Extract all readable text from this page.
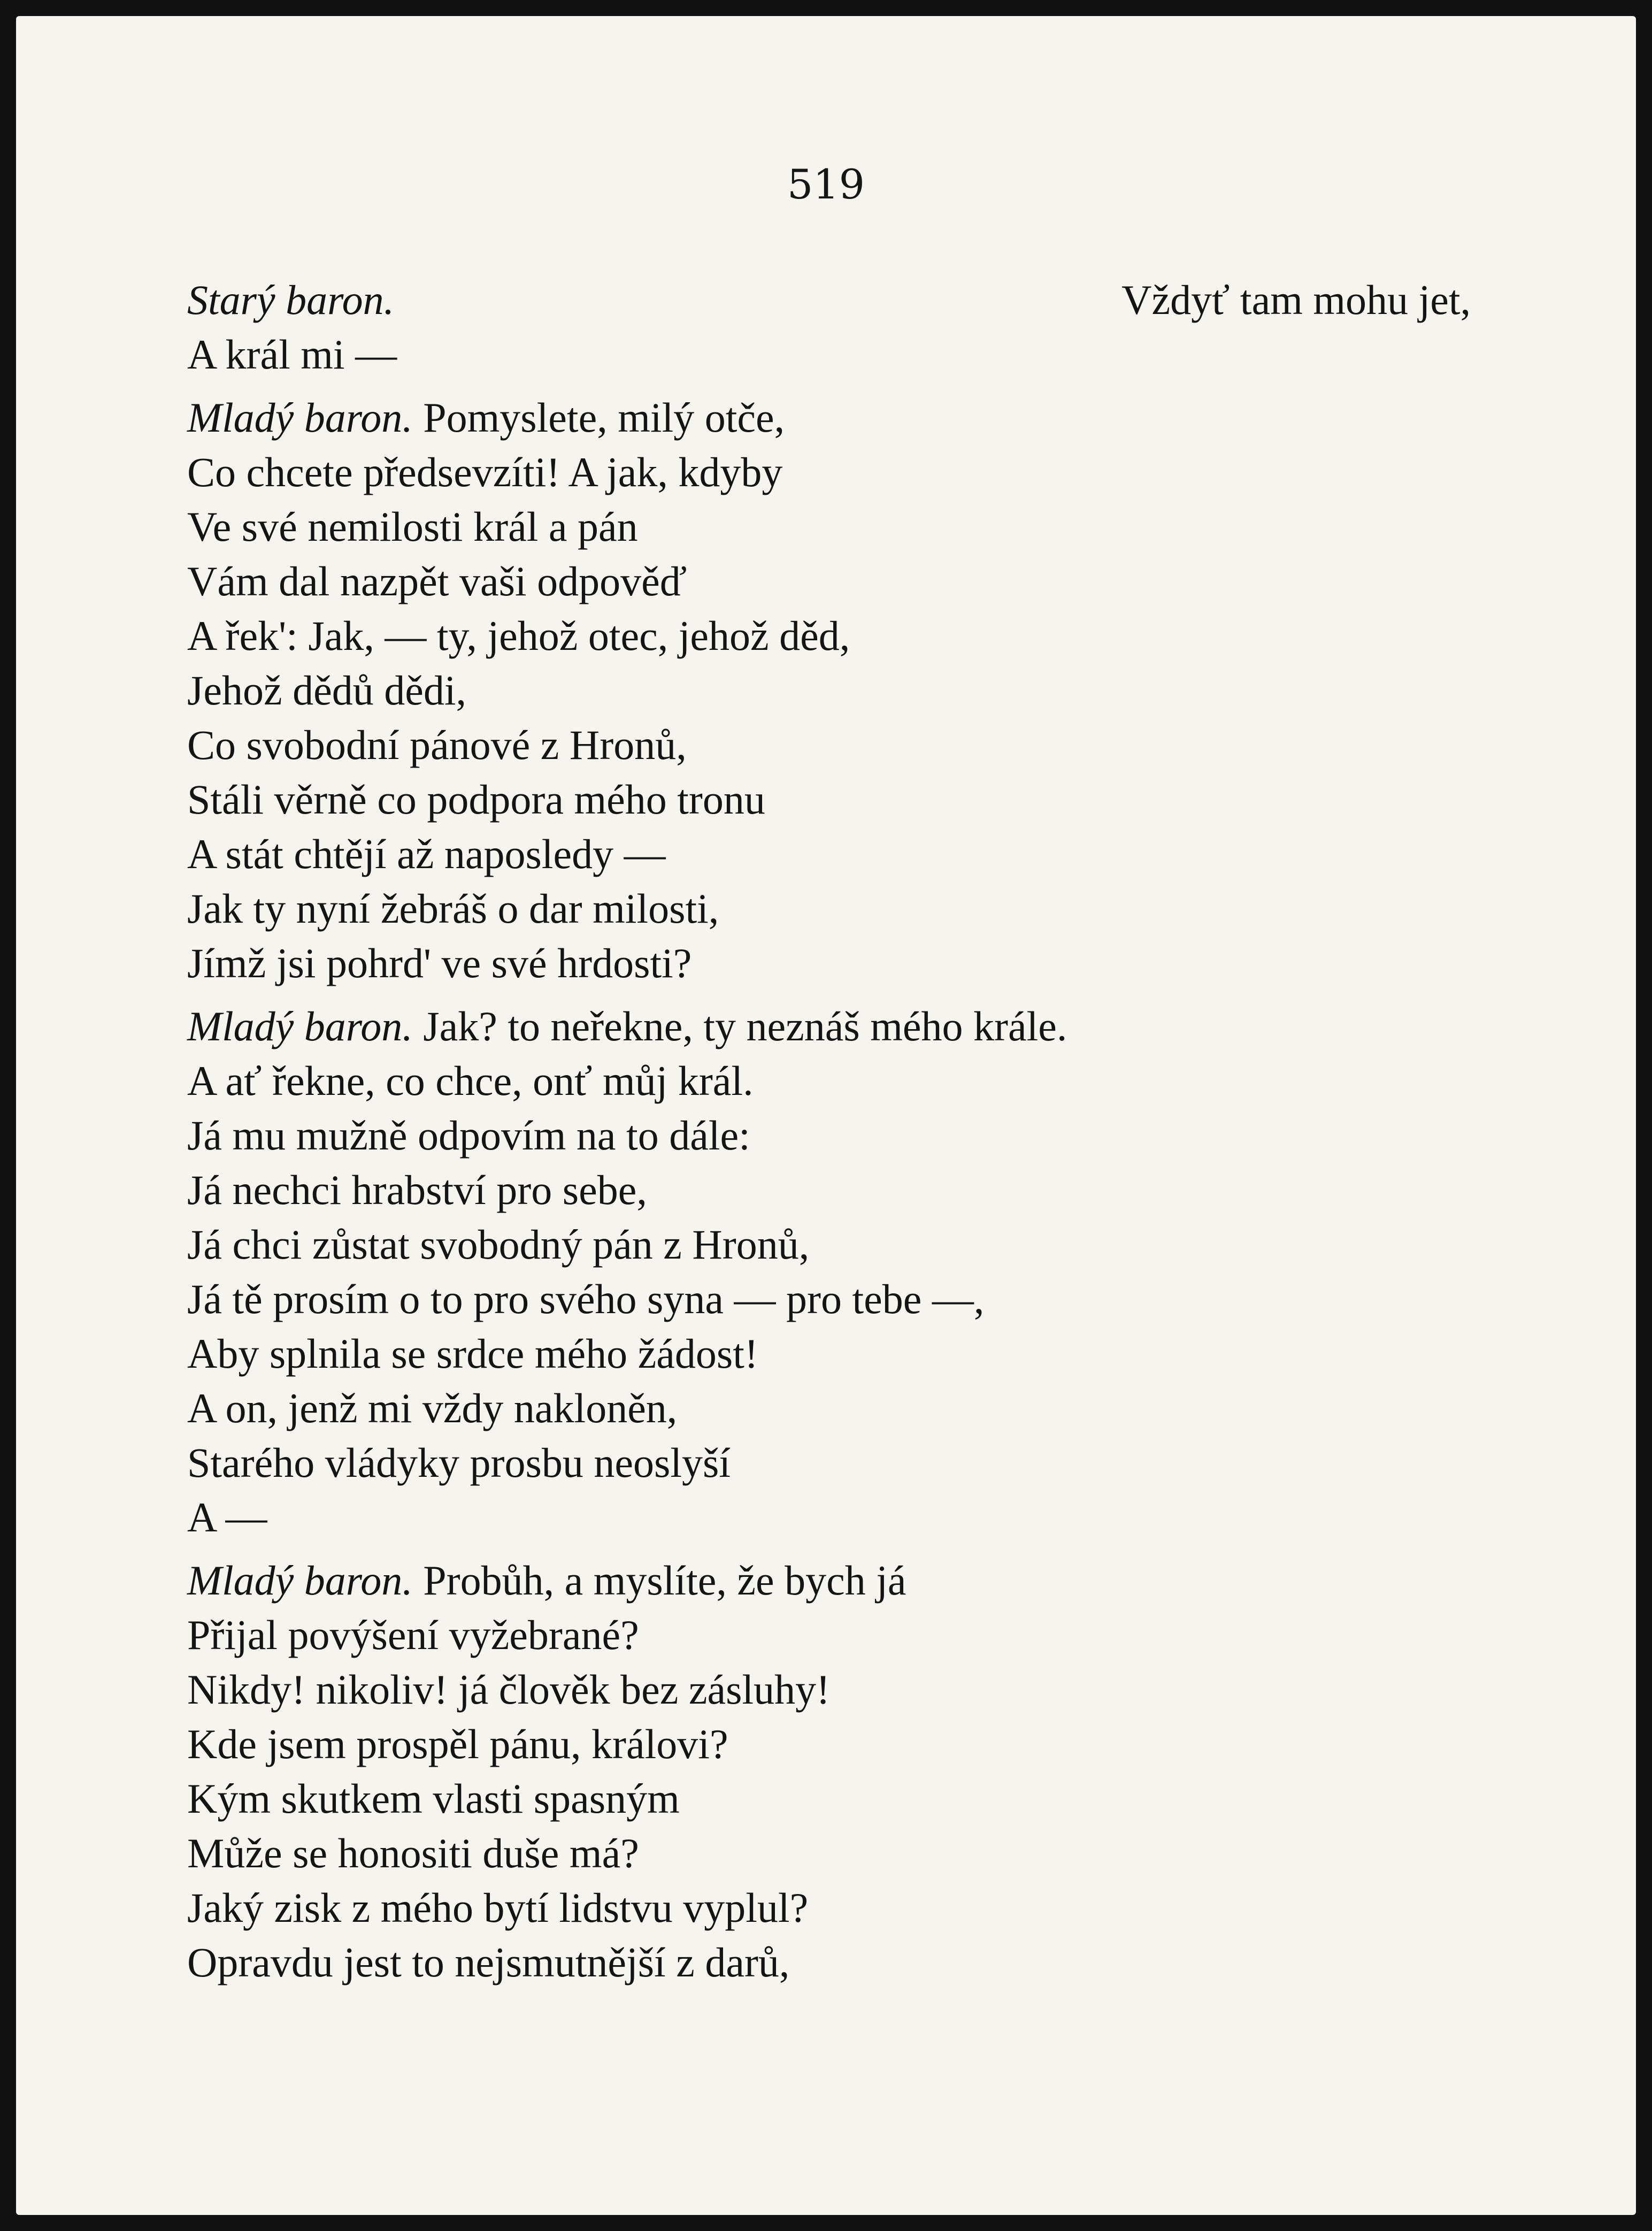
519
Starý baron.	Vždyť tam mohu jet,
A král mi —
Mladý baron. Pomyslete, milý otče,
Co chcete předsevzíti! A jak, kdyby
Ve své nemilosti král a pán
Vám dal nazpět vaši odpověď
A řek': Jak, — ty, jehož otec, jehož děd,
Jehož dědů dědi,
Co svobodní pánové z Hronů,
Stáli věrně co podpora mého tronu
A stát chtějí až naposledy —
Jak ty nyní žebráš o dar milosti,
Jímž jsi pohrd' ve své hrdosti?
Mladý baron. Jak? to neřekne, ty neznáš mého krále.
A ať řekne, co chce, onť můj král.
Já mu mužně odpovím na to dále:
Já nechci hrabství pro sebe,
Já chci zůstat svobodný pán z Hronů,
Já tě prosím o to pro svého syna — pro tebe —,
Aby splnila se srdce mého žádost!
A on, jenž mi vždy nakloněn,
Starého vládyky prosbu neoslyší
A —
Mladý baron. Probůh, a myslíte, že bych já
Přijal povýšení vyžebrané?
Nikdy! nikoliv! já člověk bez zásluhy!
Kde jsem prospěl pánu, královi?
Kým skutkem vlasti spasným
Může se honositi duše má?
Jaký zisk z mého bytí lidstvu vyplul?
Opravdu jest to nejsmutnější z darů,
